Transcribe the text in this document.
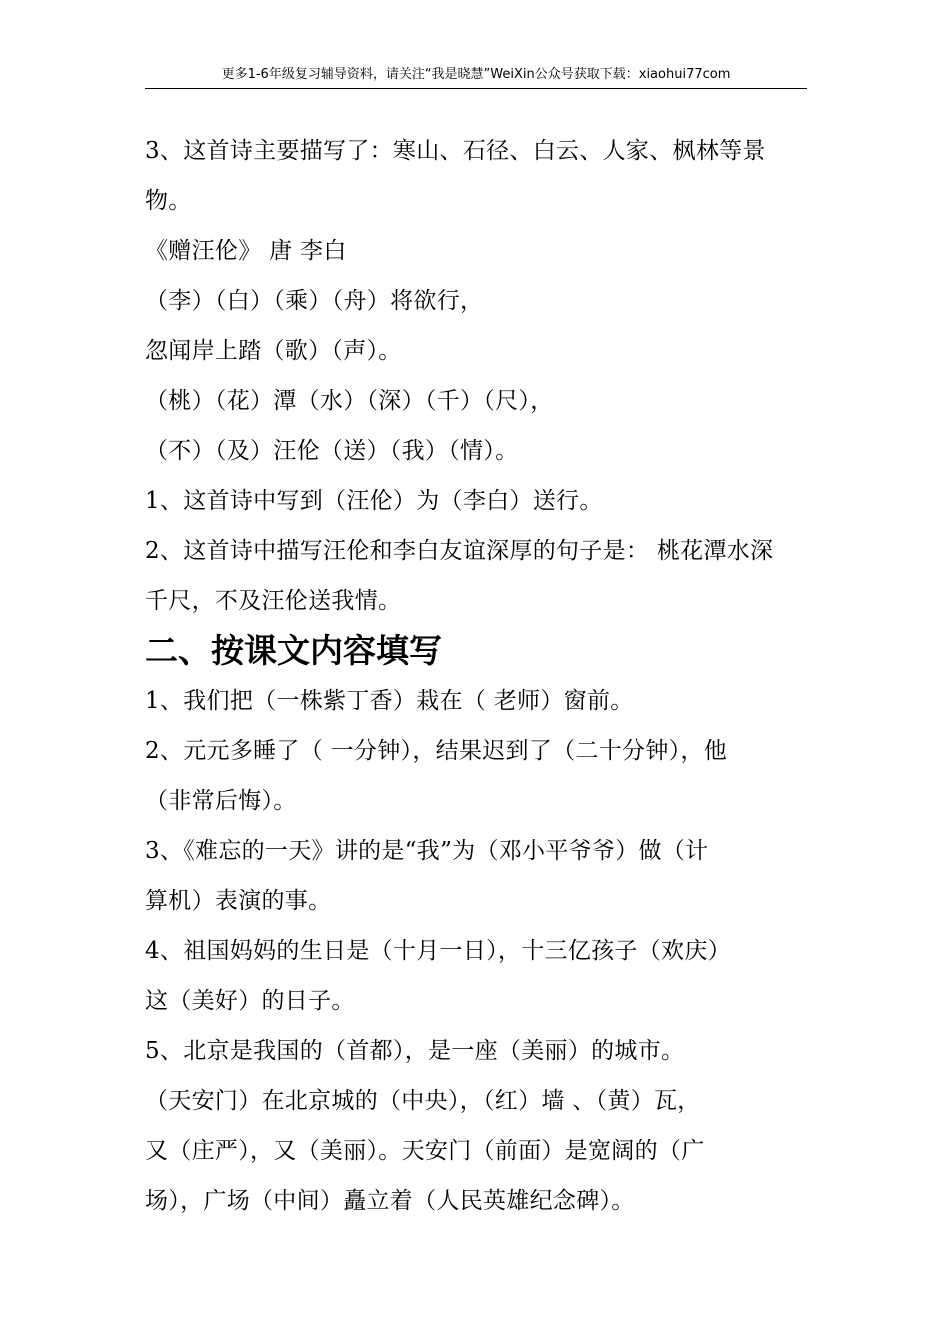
更多1-6年级复习辅导资料，请关注“我是晓慧”WeiXin公众号获取下载：xiaohui77com
3、这首诗主要描写了：寒山、石径、白云、人家、枫林等景
物。
《赠汪伦》 唐 李白
（李）（白）（乘）（舟）将欲行，
忽闻岸上踏（歌）（声）。
（桃）（花）潭（水）（深）（千）（尺），
（不）（及）汪伦（送）（我）（情）。
1、这首诗中写到（汪伦）为（李白）送行。
2、这首诗中描写汪伦和李白友谊深厚的句子是： 桃花潭水深
千尺，不及汪伦送我情。
二、按课文内容填写
1、我们把（一株紫丁香）栽在（ 老师）窗前。
2、元元多睡了（ 一分钟），结果迟到了（二十分钟），他
（非常后悔）。
3、《难忘的一天》讲的是“我”为（邓小平爷爷）做（计
算机）表演的事。
4、祖国妈妈的生日是（十月一日），十三亿孩子（欢庆）
这（美好）的日子。
5、北京是我国的（首都），是一座（美丽）的城市。
（天安门）在北京城的（中央），（红）墙 、（黄）瓦，
又（庄严），又（美丽）。天安门（前面）是宽阔的（广
场），广场（中间）矗立着（人民英雄纪念碑）。
